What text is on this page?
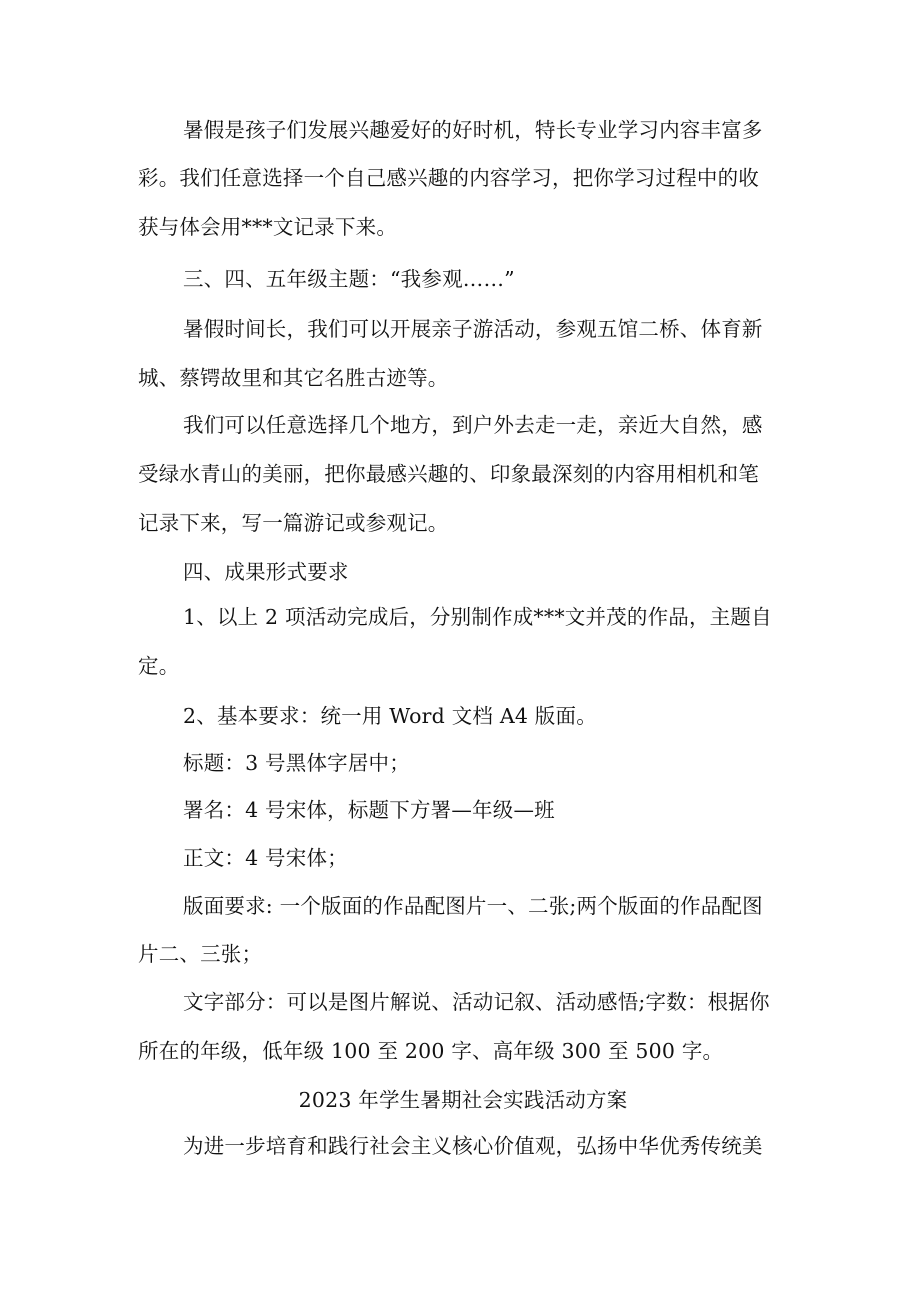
暑假是孩子们发展兴趣爱好的好时机，特长专业学习内容丰富多
彩。我们任意选择一个自己感兴趣的内容学习，把你学习过程中的收
获与体会用***文记录下来。
三、四、五年级主题：“我参观……”
暑假时间长，我们可以开展亲子游活动，参观五馆二桥、体育新
城、蔡锷故里和其它名胜古迹等。
我们可以任意选择几个地方，到户外去走一走，亲近大自然，感
受绿水青山的美丽，把你最感兴趣的、印象最深刻的内容用相机和笔
记录下来，写一篇游记或参观记。
四、成果形式要求
1、以上 2 项活动完成后，分别制作成***文并茂的作品，主题自
定。
2、基本要求：统一用 Word 文档 A4 版面。
标题：3 号黑体字居中；
署名：4 号宋体，标题下方署—年级—班
正文：4 号宋体；
版面要求: 一个版面的作品配图片一、二张;两个版面的作品配图
片二、三张；
文字部分：可以是图片解说、活动记叙、活动感悟;字数：根据你
所在的年级，低年级 100 至 200 字、高年级 300 至 500 字。
2023 年学生暑期社会实践活动方案
为进一步培育和践行社会主义核心价值观，弘扬中华优秀传统美
